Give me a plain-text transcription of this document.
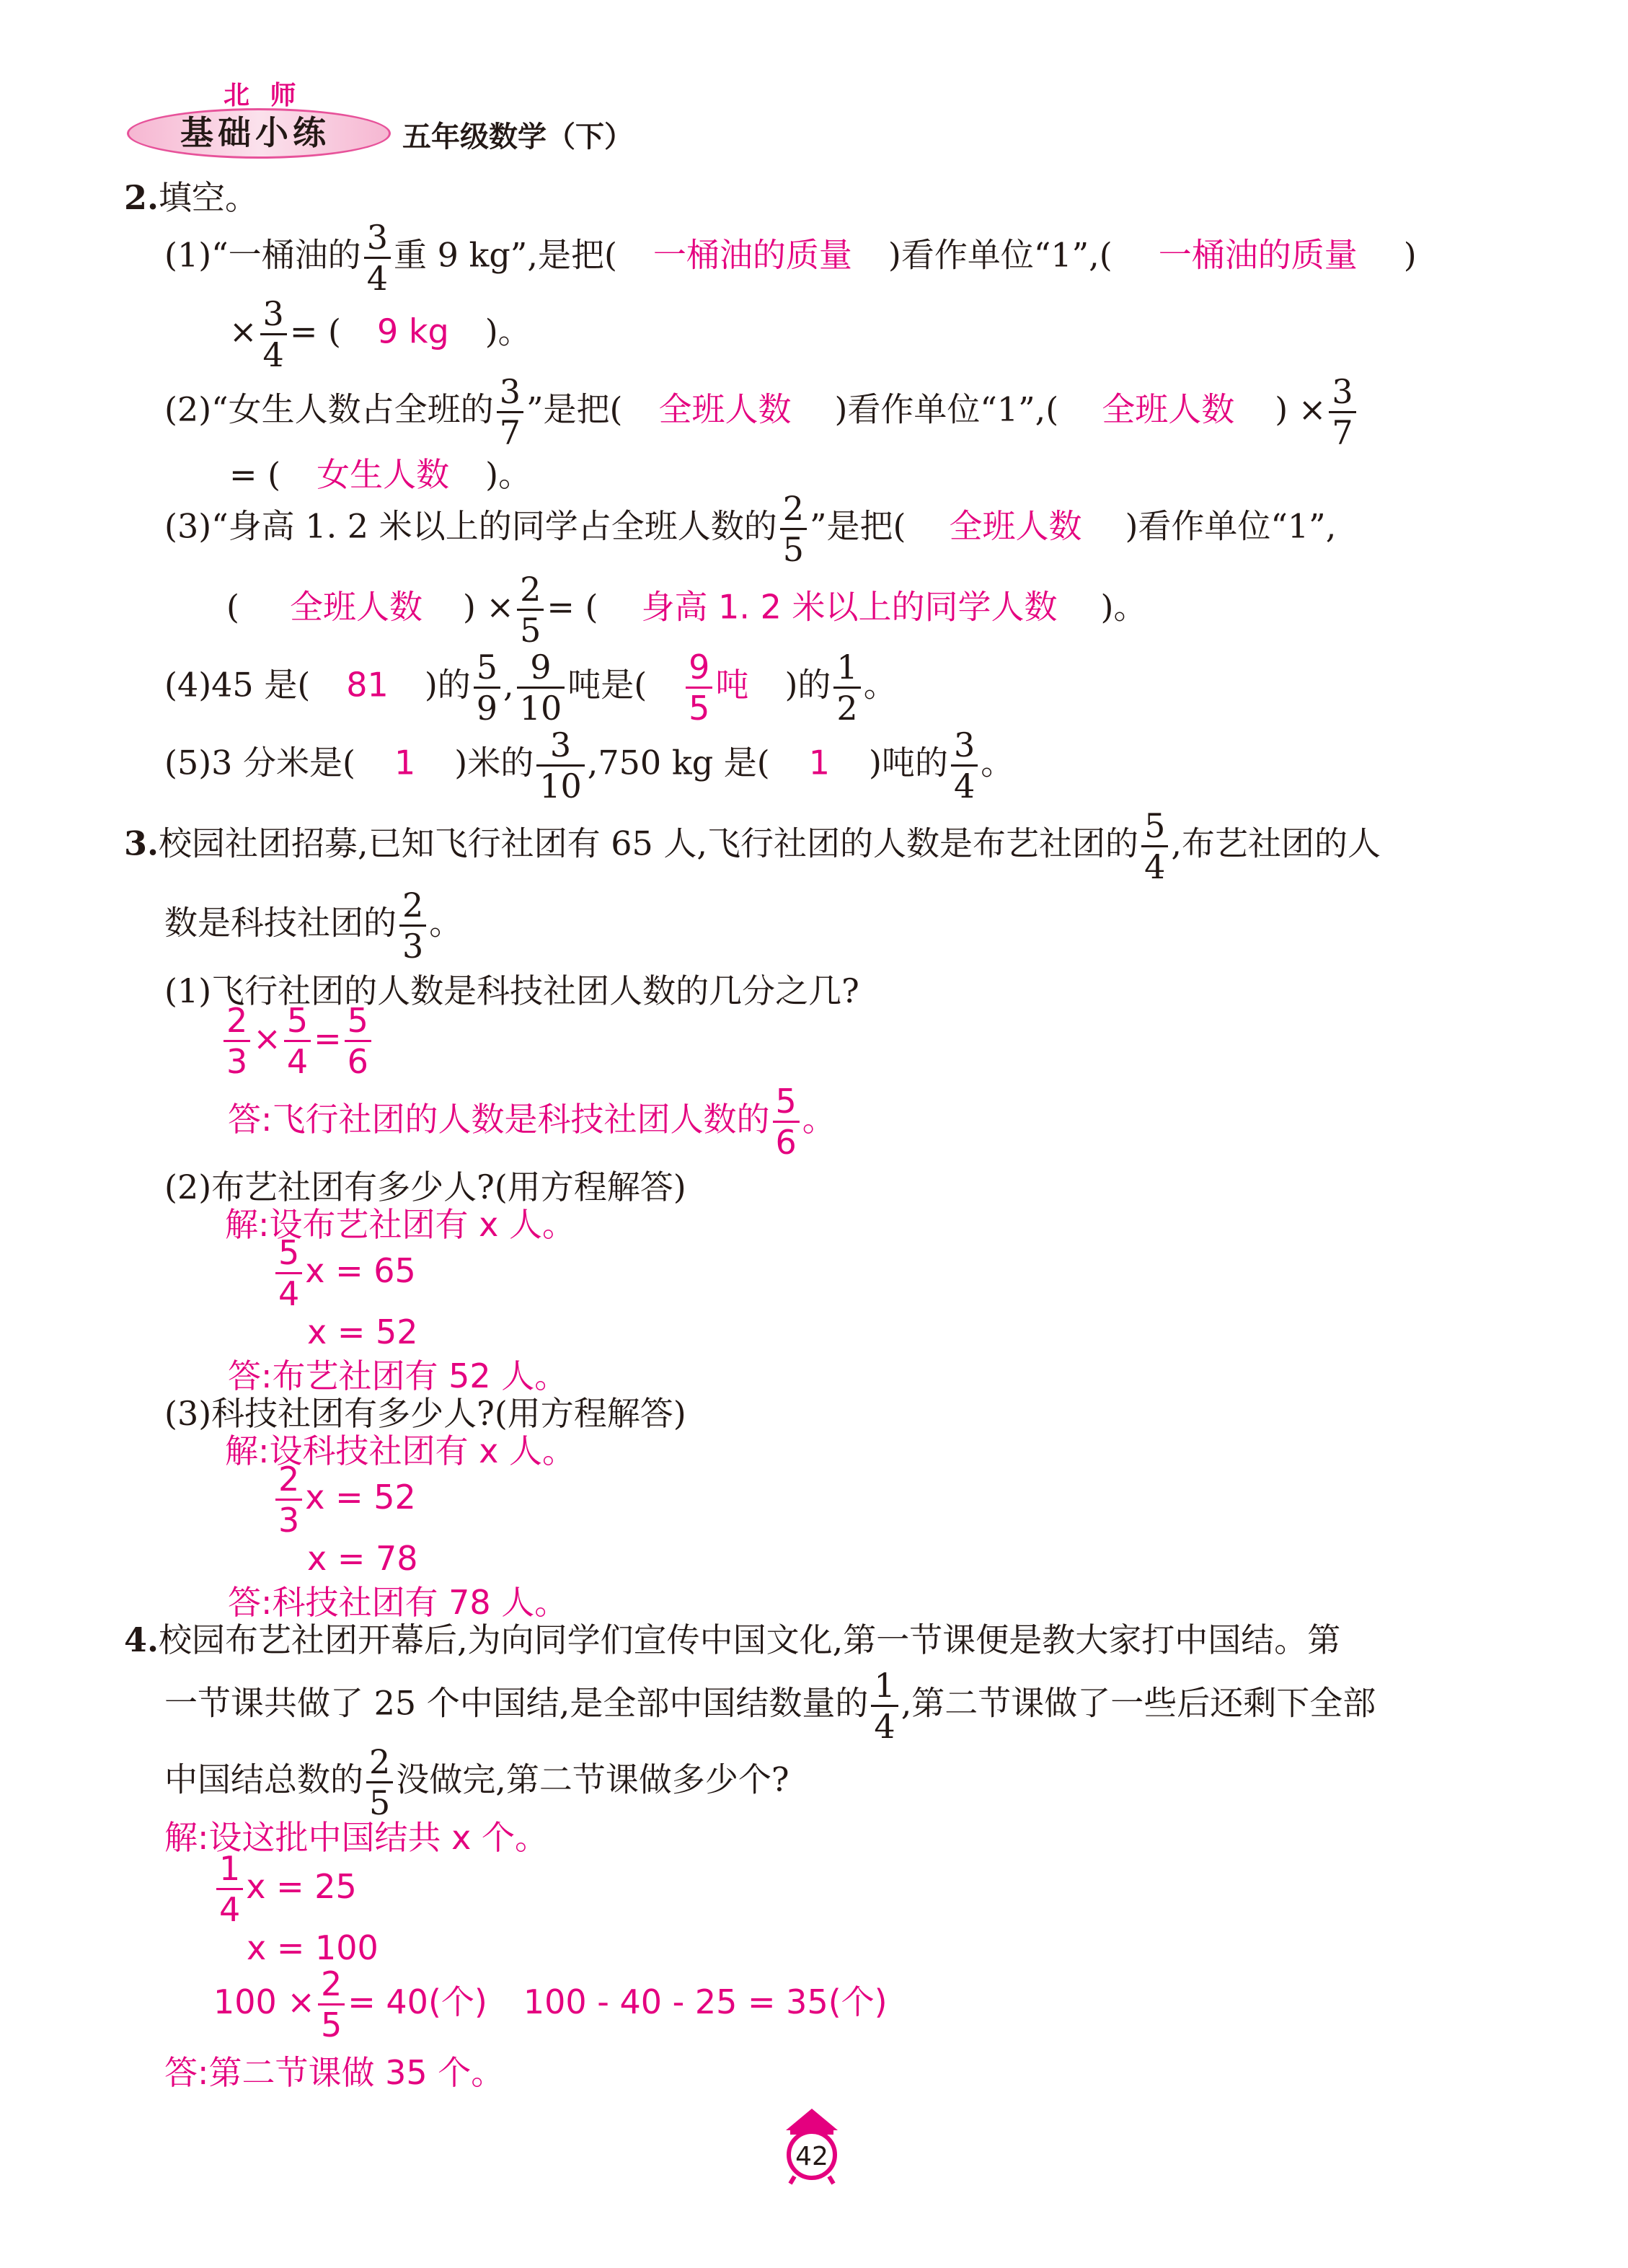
北 师
基础小练	五年级数学（下）
2.填空。
(1)“一桶油的 $\frac{3}{4}$ 重 9 kg”,是把( 一桶油的质量 )看作单位“1”,( 一桶油的质量 )
× $\frac{3}{4}$ = ( 9 kg )。
(2)“女生人数占全班的 $\frac{3}{7}$ ”是把( 全班人数 )看作单位“1”,( 全班人数 ) × $\frac{3}{7}$
= ( 女生人数 )。
(3)“身高 1. 2 米以上的同学占全班人数的 $\frac{2}{5}$ ”是把( 全班人数 )看作单位“1”,
( 全班人数 ) × $\frac{2}{5}$ = ( 身高 1. 2 米以上的同学人数 )。
(4)45 是( 81 )的 $\frac{5}{9}$ , $\frac{9}{10}$ 吨是( $\frac{9}{5}$ 吨 )的 $\frac{1}{2}$ 。
(5)3 分米是( 1 )米的 $\frac{3}{10} ,750$ kg 是( 1 )吨的 $\frac{3}{4}$ 。
3.校园社团招募,已知飞行社团有 65 人,飞行社团的人数是布艺社团的 $\frac{5}{4}$ ,布艺社团的人
数是科技社团的 $\frac{2}{3}$ 。
(1)飞行社团的人数是科技社团人数的几分之几?
$\frac{2}{3} \times \frac{5}{4} = \frac{5}{6}$
答:飞行社团的人数是科技社团人数的 $\frac{5}{6}$ 。
(2)布艺社团有多少人?(用方程解答)
解:设布艺社团有 x 人。
$\frac{5}{4}$ x = 65
x = 52
答:布艺社团有 52 人。
(3)科技社团有多少人?(用方程解答)
解:设科技社团有 x 人。
$\frac{2}{3}$ x = 52
x = 78
答:科技社团有 78 人。
4.校园布艺社团开幕后,为向同学们宣传中国文化,第一节课便是教大家打中国结。第
一节课共做了 25 个中国结,是全部中国结数量的 $\frac{1}{4}$ ,第二节课做了一些后还剩下全部
中国结总数的 $\frac{2}{5}$ 没做完,第二节课做多少个?
解:设这批中国结共 x 个。
$\frac{1}{4}$ x = 25
x = 100
$100 \times \frac{2}{5} = 40$(个) 100 - 40 - 25 = 35(个)
答:第二节课做 35 个。
42
